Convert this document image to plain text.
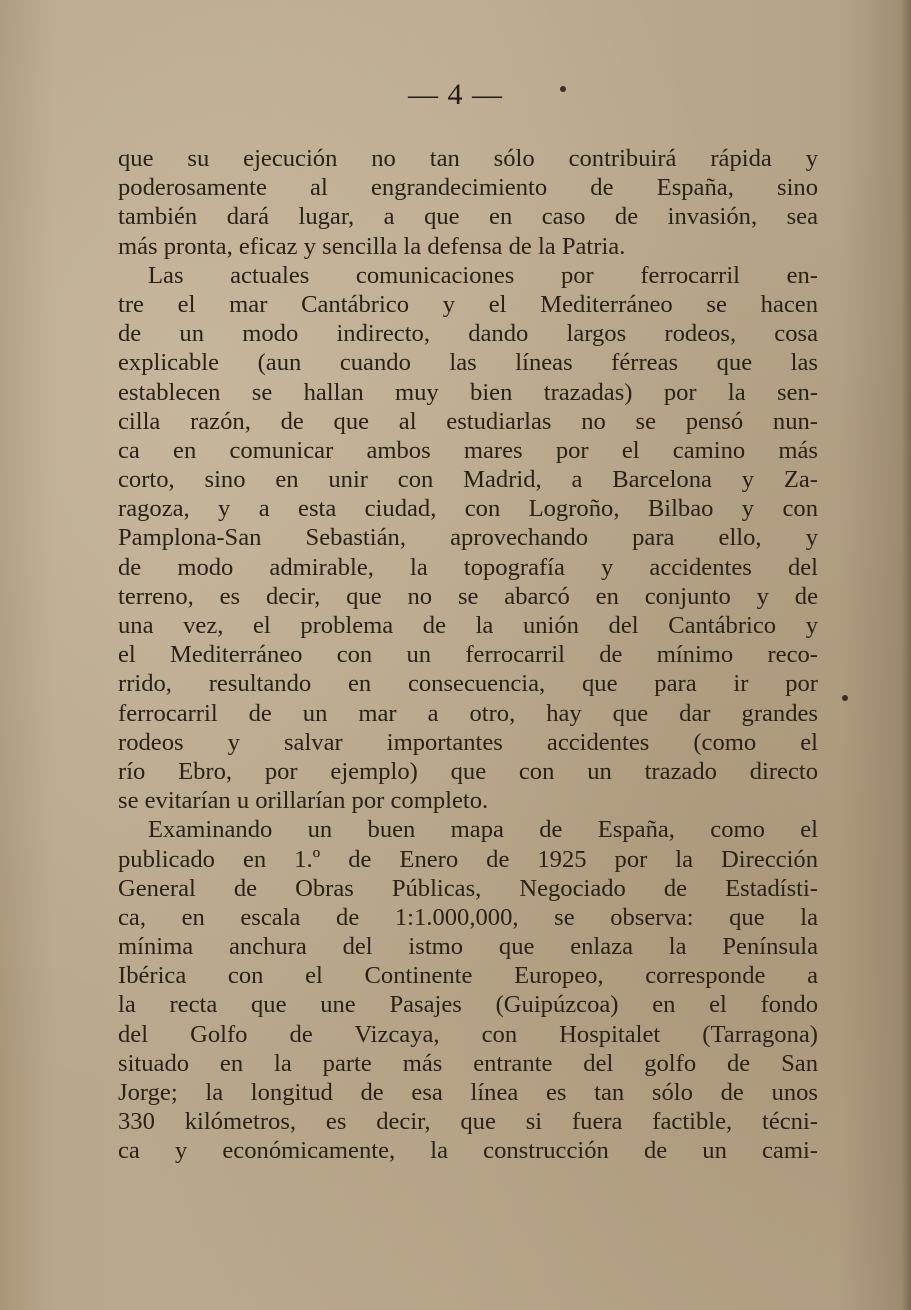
— 4 —
que su ejecución no tan sólo contribuirá rápida y
poderosamente al engrandecimiento de España, sino
también dará lugar, a que en caso de invasión, sea
más pronta, eficaz y sencilla la defensa de la Patria.
Las actuales comunicaciones por ferrocarril en-
tre el mar Cantábrico y el Mediterráneo se hacen
de un modo indirecto, dando largos rodeos, cosa
explicable (aun cuando las líneas férreas que las
establecen se hallan muy bien trazadas) por la sen-
cilla razón, de que al estudiarlas no se pensó nun-
ca en comunicar ambos mares por el camino más
corto, sino en unir con Madrid, a Barcelona y Za-
ragoza, y a esta ciudad, con Logroño, Bilbao y con
Pamplona-San Sebastián, aprovechando para ello, y
de modo admirable, la topografía y accidentes del
terreno, es decir, que no se abarcó en conjunto y de
una vez, el problema de la unión del Cantábrico y
el Mediterráneo con un ferrocarril de mínimo reco-
rrido, resultando en consecuencia, que para ir por
ferrocarril de un mar a otro, hay que dar grandes
rodeos y salvar importantes accidentes (como el
río Ebro, por ejemplo) que con un trazado directo
se evitarían u orillarían por completo.
Examinando un buen mapa de España, como el
publicado en 1.º de Enero de 1925 por la Dirección
General de Obras Públicas, Negociado de Estadísti-
ca, en escala de 1:1.000,000, se observa: que la
mínima anchura del istmo que enlaza la Península
Ibérica con el Continente Europeo, corresponde a
la recta que une Pasajes (Guipúzcoa) en el fondo
del Golfo de Vizcaya, con Hospitalet (Tarragona)
situado en la parte más entrante del golfo de San
Jorge; la longitud de esa línea es tan sólo de unos
330 kilómetros, es decir, que si fuera factible, técni-
ca y económicamente, la construcción de un cami-
